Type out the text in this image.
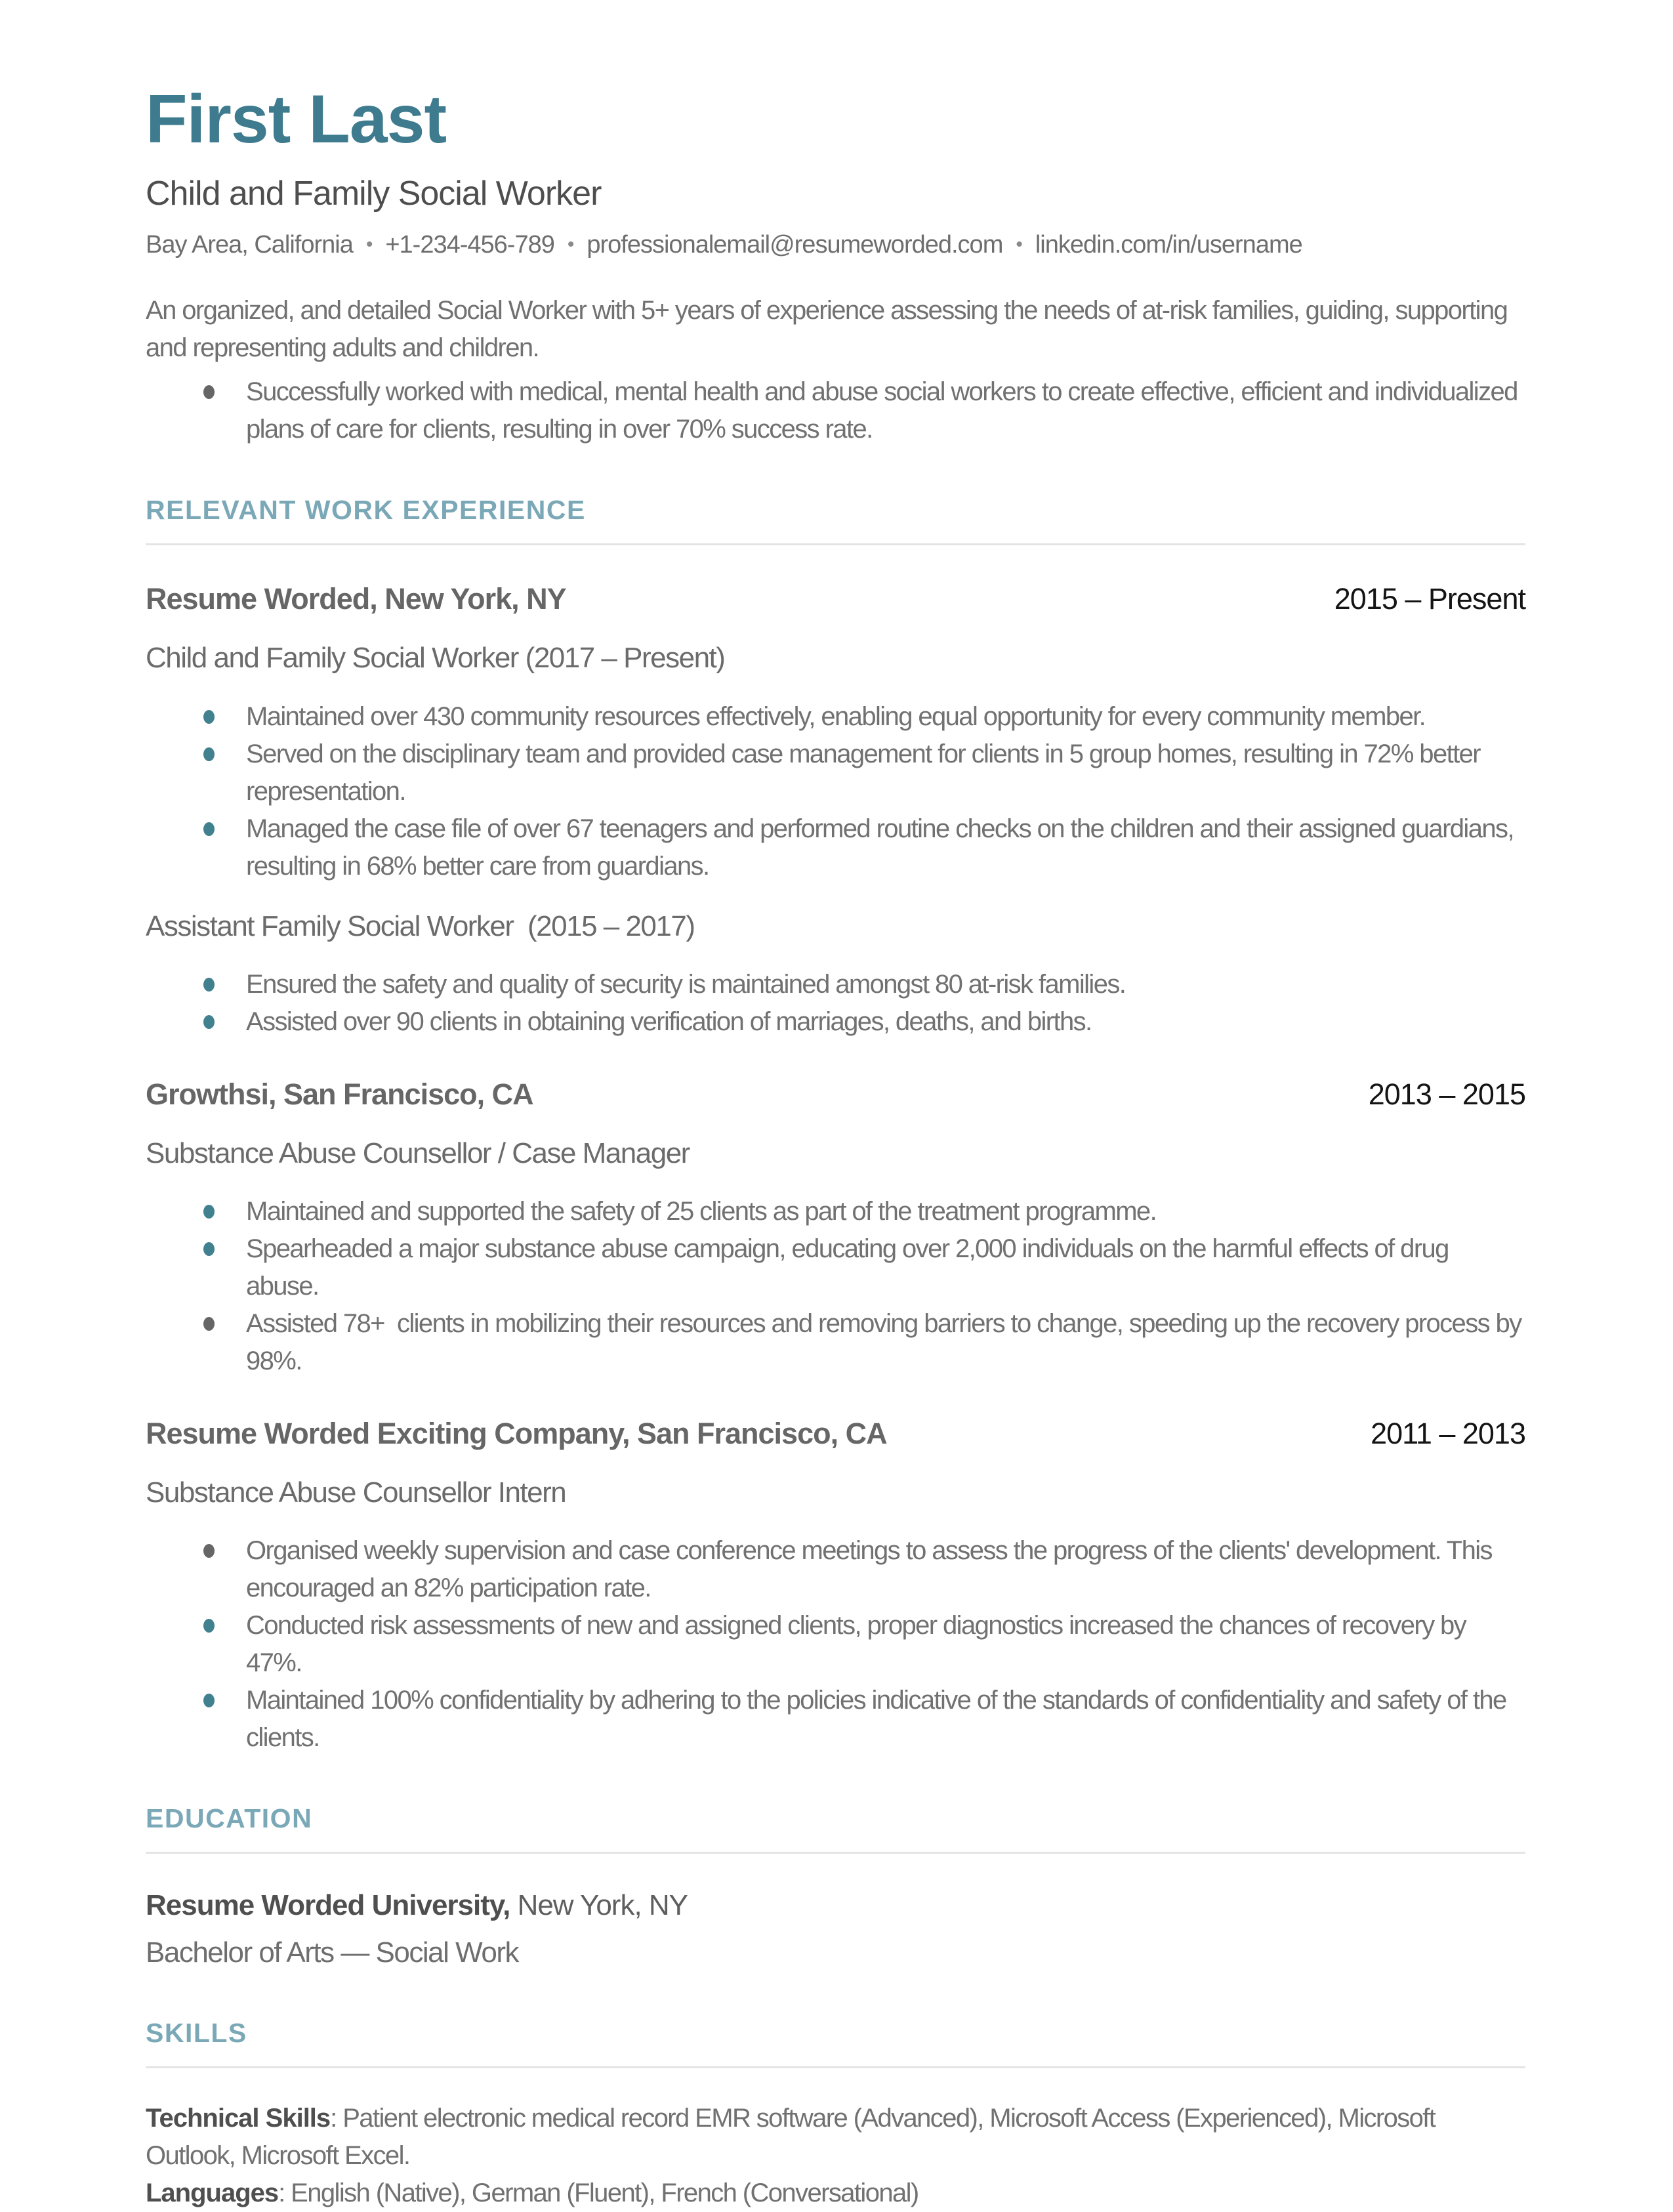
First Last
Child and Family Social Worker
Bay Area, California • +1-234-456-789 • professionalemail@resumeworded.com • linkedin.com/in/username

An organized, and detailed Social Worker with 5+ years of experience assessing the needs of at-risk families, guiding, supporting and representing adults and children.

Successfully worked with medical, mental health and abuse social workers to create effective, efficient and individualized plans of care for clients, resulting in over 70% success rate.
RELEVANT WORK EXPERIENCE
Resume Worded, New York, NY	2015 – Present

Child and Family Social Worker (2017 – Present)

Maintained over 430 community resources effectively, enabling equal opportunity for every community member.
Served on the disciplinary team and provided case management for clients in 5 group homes, resulting in 72% better representation.
Managed the case file of over 67 teenagers and performed routine checks on the children and their assigned guardians, resulting in 68% better care from guardians.

Assistant Family Social Worker  (2015 – 2017)

Ensured the safety and quality of security is maintained amongst 80 at-risk families.
Assisted over 90 clients in obtaining verification of marriages, deaths, and births.
Growthsi, San Francisco, CA	2013 – 2015

Substance Abuse Counsellor / Case Manager

Maintained and supported the safety of 25 clients as part of the treatment programme.
Spearheaded a major substance abuse campaign, educating over 2,000 individuals on the harmful effects of drug abuse.
Assisted 78+  clients in mobilizing their resources and removing barriers to change, speeding up the recovery process by 98%.
Resume Worded Exciting Company, San Francisco, CA	2011 – 2013

Substance Abuse Counsellor Intern

Organised weekly supervision and case conference meetings to assess the progress of the clients' development. This encouraged an 82% participation rate.
Conducted risk assessments of new and assigned clients, proper diagnostics increased the chances of recovery by 47%.
Maintained 100% confidentiality by adhering to the policies indicative of the standards of confidentiality and safety of the clients.
EDUCATION

Resume Worded University, New York, NY

Bachelor of Arts — Social Work

SKILLS

Technical Skills: Patient electronic medical record EMR software (Advanced), Microsoft Access (Experienced), Microsoft Outlook, Microsoft Excel.

Languages: English (Native), German (Fluent), French (Conversational)
